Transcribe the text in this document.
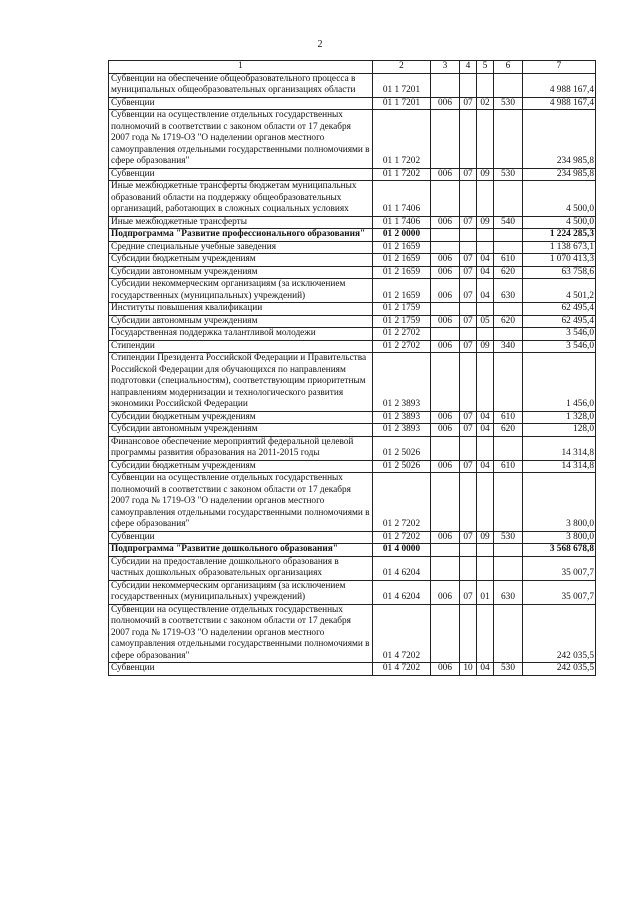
2
1	2	3	4	5	6	7
Субвенции на обеспечение общеобразовательного процесса в муниципальных общеобразовательных организациях области	01 1 7201					4 988 167,4
Субвенции	01 1 7201	006	07	02	530	4 988 167,4
Субвенции на осуществление отдельных государственных полномочий в соответствии с законом области от 17 декабря 2007 года № 1719-ОЗ "О наделении органов местного самоуправления отдельными государственными полномочиями в сфере образования"	01 1 7202					234 985,8
Субвенции	01 1 7202	006	07	09	530	234 985,8
Иные межбюджетные трансферты бюджетам муниципальных образований области на поддержку общеобразовательных организаций, работающих в сложных социальных условиях	01 1 7406					4 500,0
Иные межбюджетные трансферты	01 1 7406	006	07	09	540	4 500,0
Подпрограмма "Развитие профессионального образования"	01 2 0000					1 224 285,3
Средние специальные учебные заведения	01 2 1659					1 138 673,1
Субсидии бюджетным учреждениям	01 2 1659	006	07	04	610	1 070 413,3
Субсидии автономным учреждениям	01 2 1659	006	07	04	620	63 758,6
Субсидии некоммерческим организациям (за исключением государственных (муниципальных) учреждений)	01 2 1659	006	07	04	630	4 501,2
Институты повышения квалификации	01 2 1759					62 495,4
Субсидии автономным учреждениям	01 2 1759	006	07	05	620	62 495,4
Государственная поддержка талантливой молодежи	01 2 2702					3 546,0
Стипендии	01 2 2702	006	07	09	340	3 546,0
Стипендии Президента Российской Федерации и Правительства Российской Федерации для обучающихся по направлениям подготовки (специальностям), соответствующим приоритетным направлениям модернизации и технологического развития экономики Российской Федерации	01 2 3893					1 456,0
Субсидии бюджетным учреждениям	01 2 3893	006	07	04	610	1 328,0
Субсидии автономным учреждениям	01 2 3893	006	07	04	620	128,0
Финансовое обеспечение мероприятий федеральной целевой программы развития образования на 2011-2015 годы	01 2 5026					14 314,8
Субсидии бюджетным учреждениям	01 2 5026	006	07	04	610	14 314,8
Субвенции на осуществление отдельных государственных полномочий в соответствии с законом области от 17 декабря 2007 года № 1719-ОЗ "О наделении органов местного самоуправления отдельными государственными полномочиями в сфере образования"	01 2 7202					3 800,0
Субвенции	01 2 7202	006	07	09	530	3 800,0
Подпрограмма "Развитие дошкольного образования"	01 4 0000					3 568 678,8
Субсидии на предоставление дошкольного образования в частных дошкольных образовательных организациях	01 4 6204					35 007,7
Субсидии некоммерческим организациям (за исключением государственных (муниципальных) учреждений)	01 4 6204	006	07	01	630	35 007,7
Субвенции на осуществление отдельных государственных полномочий в соответствии с законом области от 17 декабря 2007 года № 1719-ОЗ "О наделении органов местного самоуправления отдельными государственными полномочиями в сфере образования"	01 4 7202					242 035,5
Субвенции	01 4 7202	006	10	04	530	242 035,5
